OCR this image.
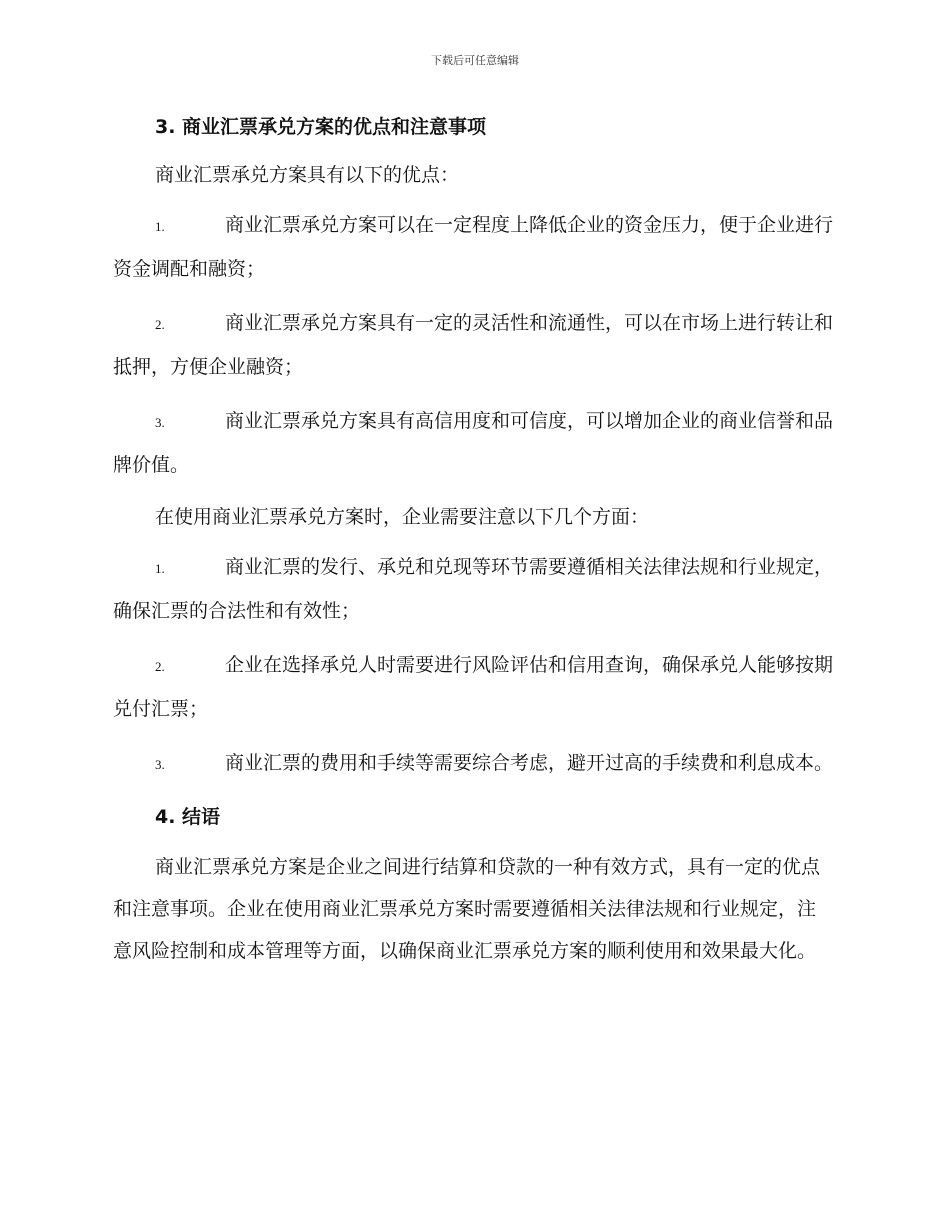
下载后可任意编辑
3. 商业汇票承兑方案的优点和注意事项
商业汇票承兑方案具有以下的优点：
1.	商业汇票承兑方案可以在一定程度上降低企业的资金压力，便于企业进行资金调配和融资；
2.	商业汇票承兑方案具有一定的灵活性和流通性，可以在市场上进行转让和抵押，方便企业融资；
3.	商业汇票承兑方案具有高信用度和可信度，可以增加企业的商业信誉和品牌价值。
在使用商业汇票承兑方案时，企业需要注意以下几个方面：
1.	商业汇票的发行、承兑和兑现等环节需要遵循相关法律法规和行业规定，确保汇票的合法性和有效性；
2.	企业在选择承兑人时需要进行风险评估和信用查询，确保承兑人能够按期兑付汇票；
3.	商业汇票的费用和手续等需要综合考虑，避开过高的手续费和利息成本。
4. 结语
商业汇票承兑方案是企业之间进行结算和贷款的一种有效方式，具有一定的优点和注意事项。企业在使用商业汇票承兑方案时需要遵循相关法律法规和行业规定，注意风险控制和成本管理等方面，以确保商业汇票承兑方案的顺利使用和效果最大化。
